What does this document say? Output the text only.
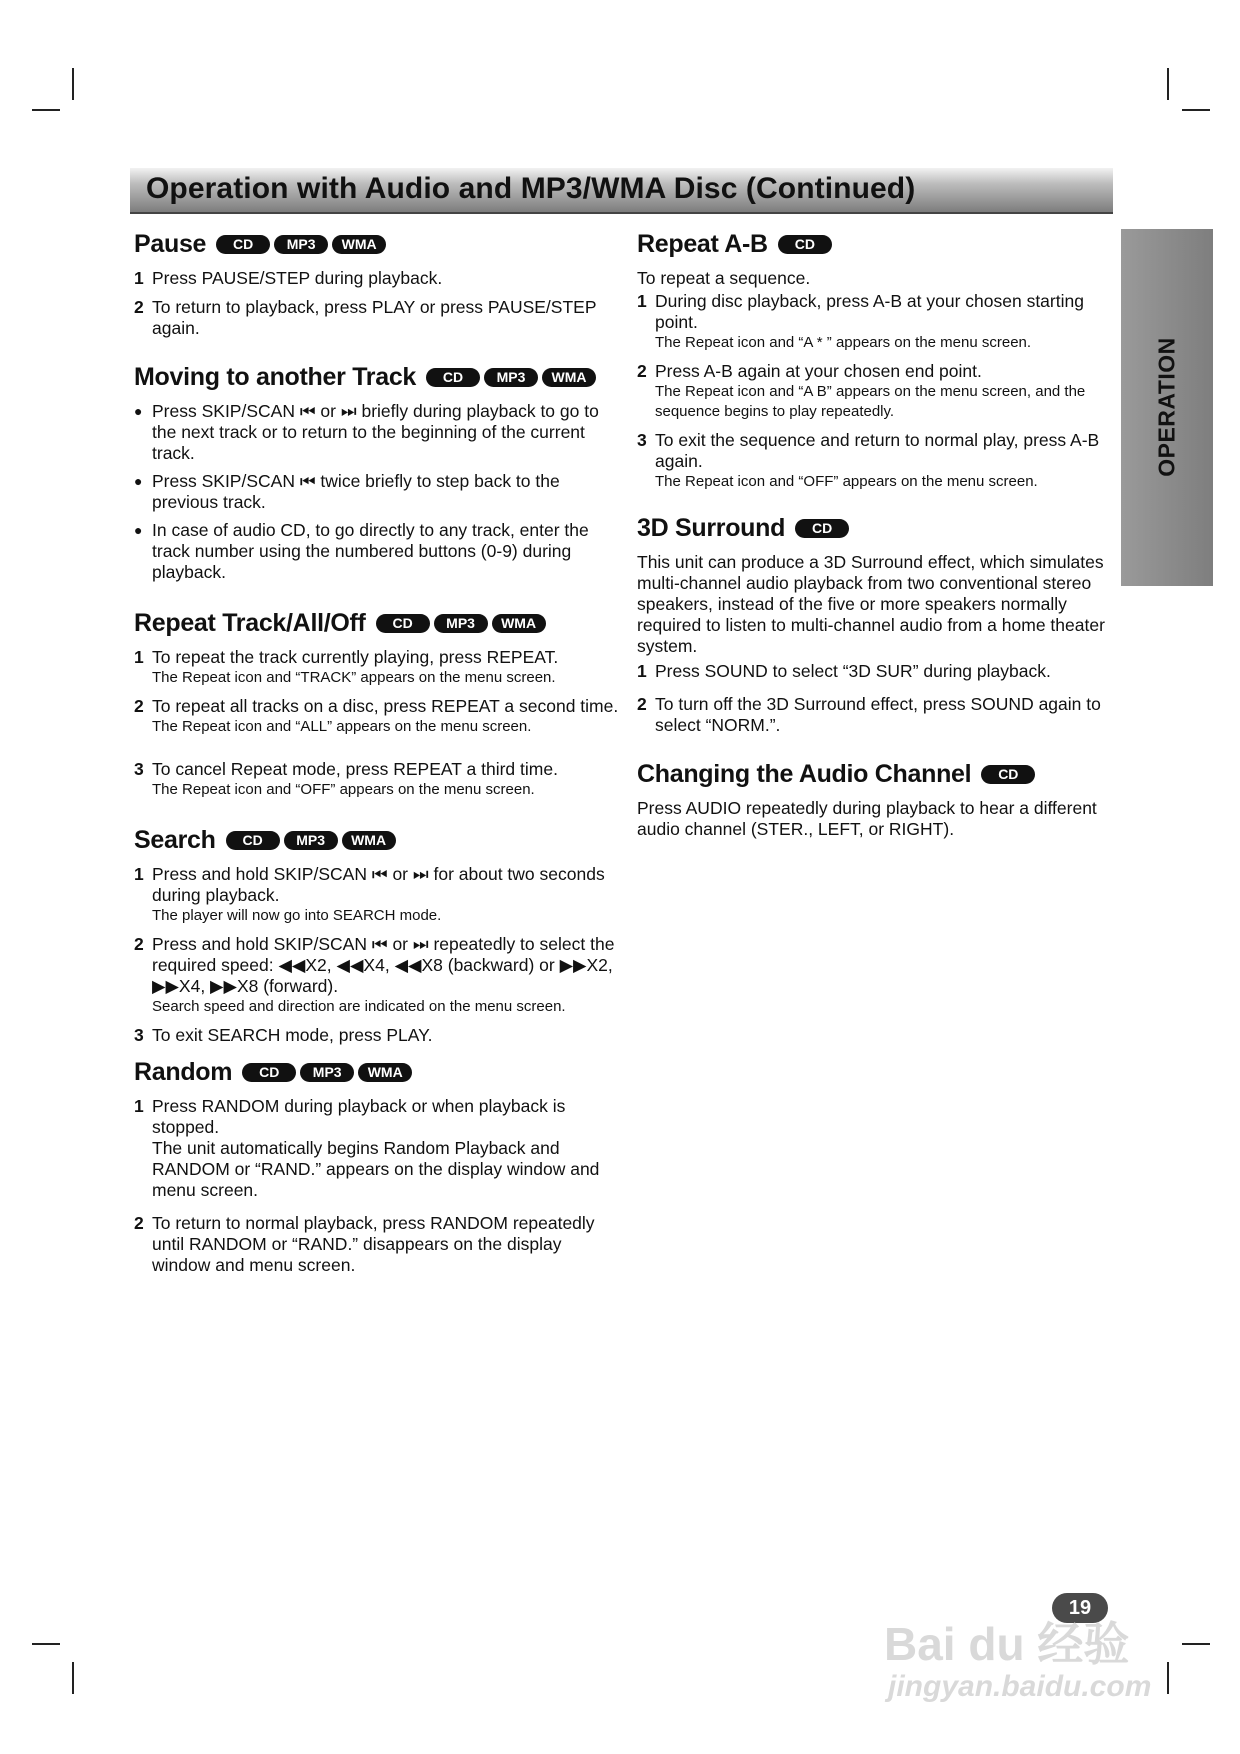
Operation with Audio and MP3/WMA Disc (Continued)
OPERATION
Pause	CD	MP3	WMA
1 Press PAUSE/STEP during playback.
2 To return to playback, press PLAY or press PAUSE/STEP again.
Moving to another Track	CD	MP3	WMA
● Press SKIP/SCAN ⏮ or ⏭ briefly during playback to go to the next track or to return to the beginning of the current track.
● Press SKIP/SCAN ⏮ twice briefly to step back to the previous track.
● In case of audio CD, to go directly to any track, enter the track number using the numbered buttons (0-9) during playback.
Repeat Track/All/Off	CD	MP3	WMA
1 To repeat the track currently playing, press REPEAT.
The Repeat icon and “TRACK” appears on the menu screen.
2 To repeat all tracks on a disc, press REPEAT a second time.
The Repeat icon and “ALL” appears on the menu screen.
3 To cancel Repeat mode, press REPEAT a third time.
The Repeat icon and “OFF” appears on the menu screen.
Search	CD	MP3	WMA
1 Press and hold SKIP/SCAN ⏮ or ⏭ for about two seconds during playback.
The player will now go into SEARCH mode.
2 Press and hold SKIP/SCAN ⏮ or ⏭ repeatedly to select the required speed: ◀◀X2, ◀◀X4, ◀◀X8 (backward) or ▶▶X2, ▶▶X4, ▶▶X8 (forward).
Search speed and direction are indicated on the menu screen.
3 To exit SEARCH mode, press PLAY.
Random	CD	MP3	WMA
1 Press RANDOM during playback or when playback is stopped.
The unit automatically begins Random Playback and RANDOM or “RAND.” appears on the display window and menu screen.
2 To return to normal playback, press RANDOM repeatedly until RANDOM or “RAND.” disappears on the display window and menu screen.
Repeat A-B	CD

To repeat a sequence.

1 During disc playback, press A-B at your chosen starting point.
The Repeat icon and “A * ” appears on the menu screen.
2 Press A-B again at your chosen end point.
The Repeat icon and “A B” appears on the menu screen, and the sequence begins to play repeatedly.
3 To exit the sequence and return to normal play, press A-B again.
The Repeat icon and “OFF” appears on the menu screen.
3D Surround	CD

This unit can produce a 3D Surround effect, which simulates multi-channel audio playback from two conventional stereo speakers, instead of the five or more speakers normally required to listen to multi-channel audio from a home theater system.

1 Press SOUND to select “3D SUR” during playback.
2 To turn off the 3D Surround effect, press SOUND again to select “NORM.”.
Changing the Audio Channel	CD

Press AUDIO repeatedly during playback to hear a different audio channel (STER., LEFT, or RIGHT).

19
Bai du 经验
jingyan.baidu.com
